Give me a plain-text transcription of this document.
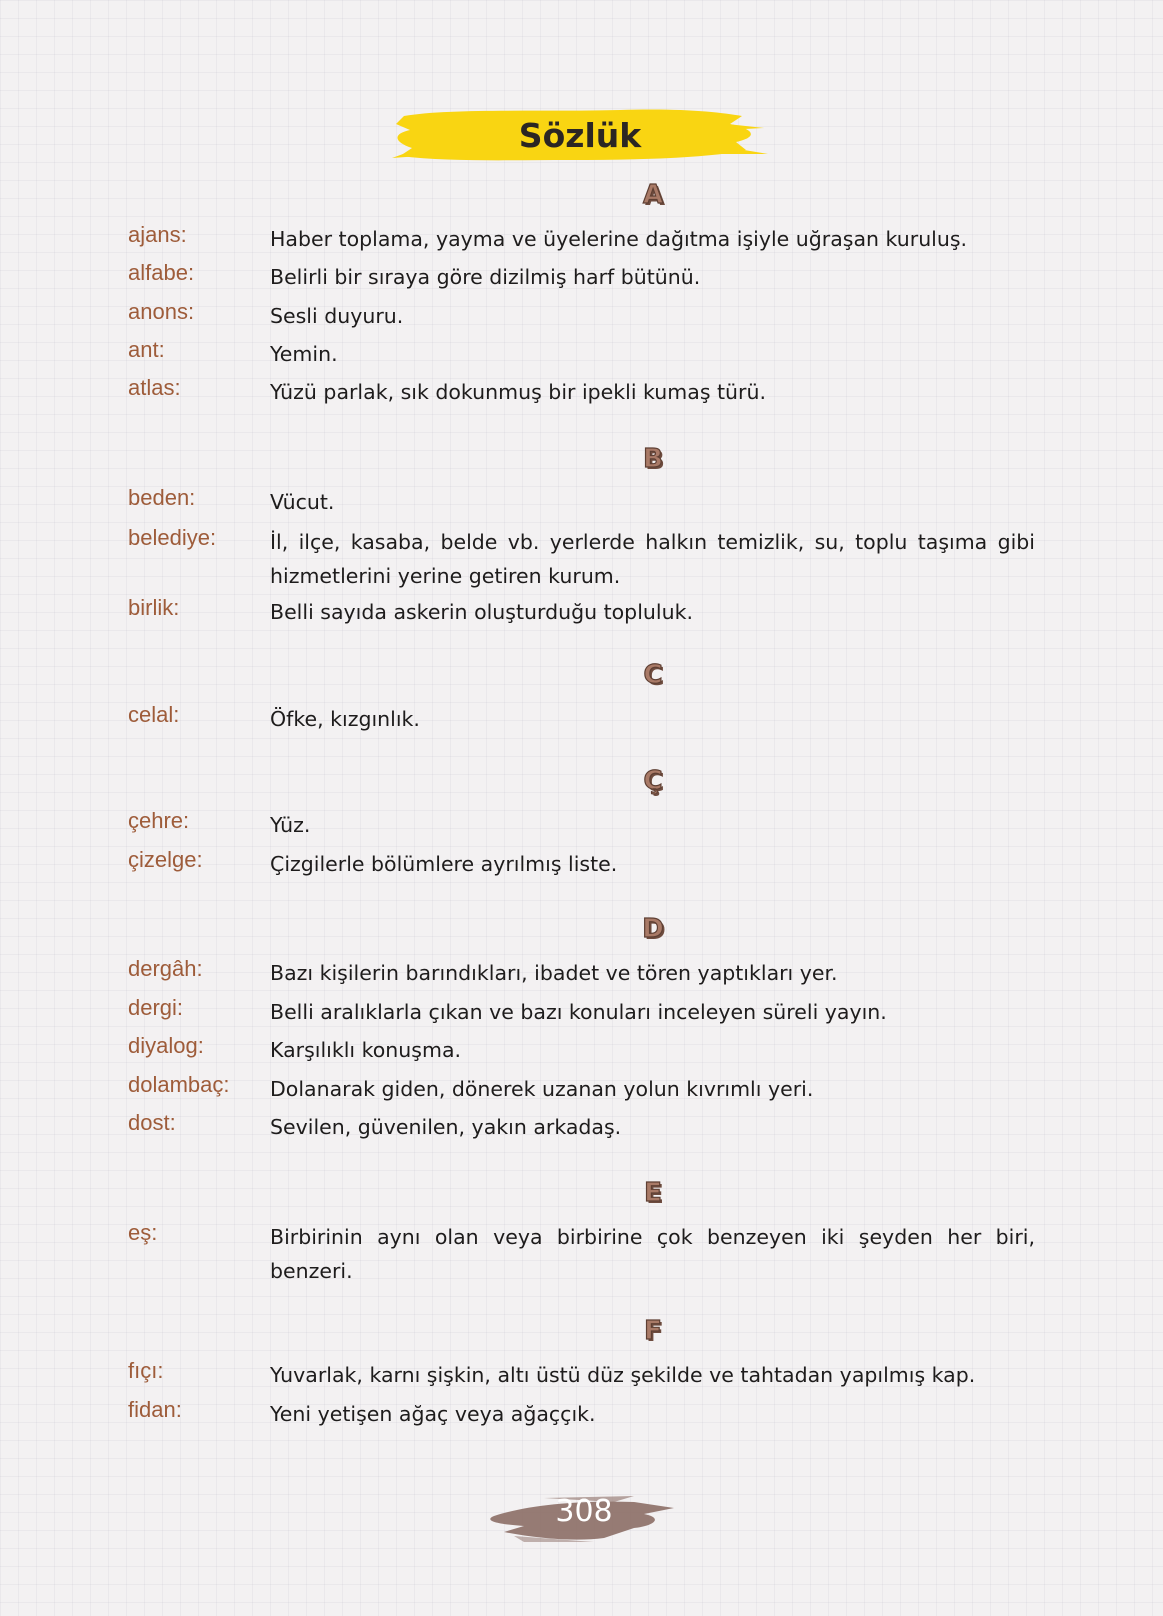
Sözlük
A
ajans:	Haber toplama, yayma ve üyelerine dağıtma işiyle uğraşan kuruluş.
alfabe:	Belirli bir sıraya göre dizilmiş harf bütünü.
anons:	Sesli duyuru.
ant:	Yemin.
atlas:	Yüzü parlak, sık dokunmuş bir ipekli kumaş türü.
B
beden:	Vücut.
belediye:	İl, ilçe, kasaba, belde vb. yerlerde halkın temizlik, su, toplu taşıma gibi hizmetlerini yerine getiren kurum.
birlik:	Belli sayıda askerin oluşturduğu topluluk.
C
celal:	Öfke, kızgınlık.
Ç
çehre:	Yüz.
çizelge:	Çizgilerle bölümlere ayrılmış liste.
D
dergâh:	Bazı kişilerin barındıkları, ibadet ve tören yaptıkları yer.
dergi:	Belli aralıklarla çıkan ve bazı konuları inceleyen süreli yayın.
diyalog:	Karşılıklı konuşma.
dolambaç: Dolanarak giden, dönerek uzanan yolun kıvrımlı yeri.
dost:	Sevilen, güvenilen, yakın arkadaş.
E
eş:	Birbirinin aynı olan veya birbirine çok benzeyen iki şeyden her biri, benzeri.
F
fıçı:	Yuvarlak, karnı şişkin, altı üstü düz şekilde ve tahtadan yapılmış kap.
fidan:	Yeni yetişen ağaç veya ağaççık.
308
